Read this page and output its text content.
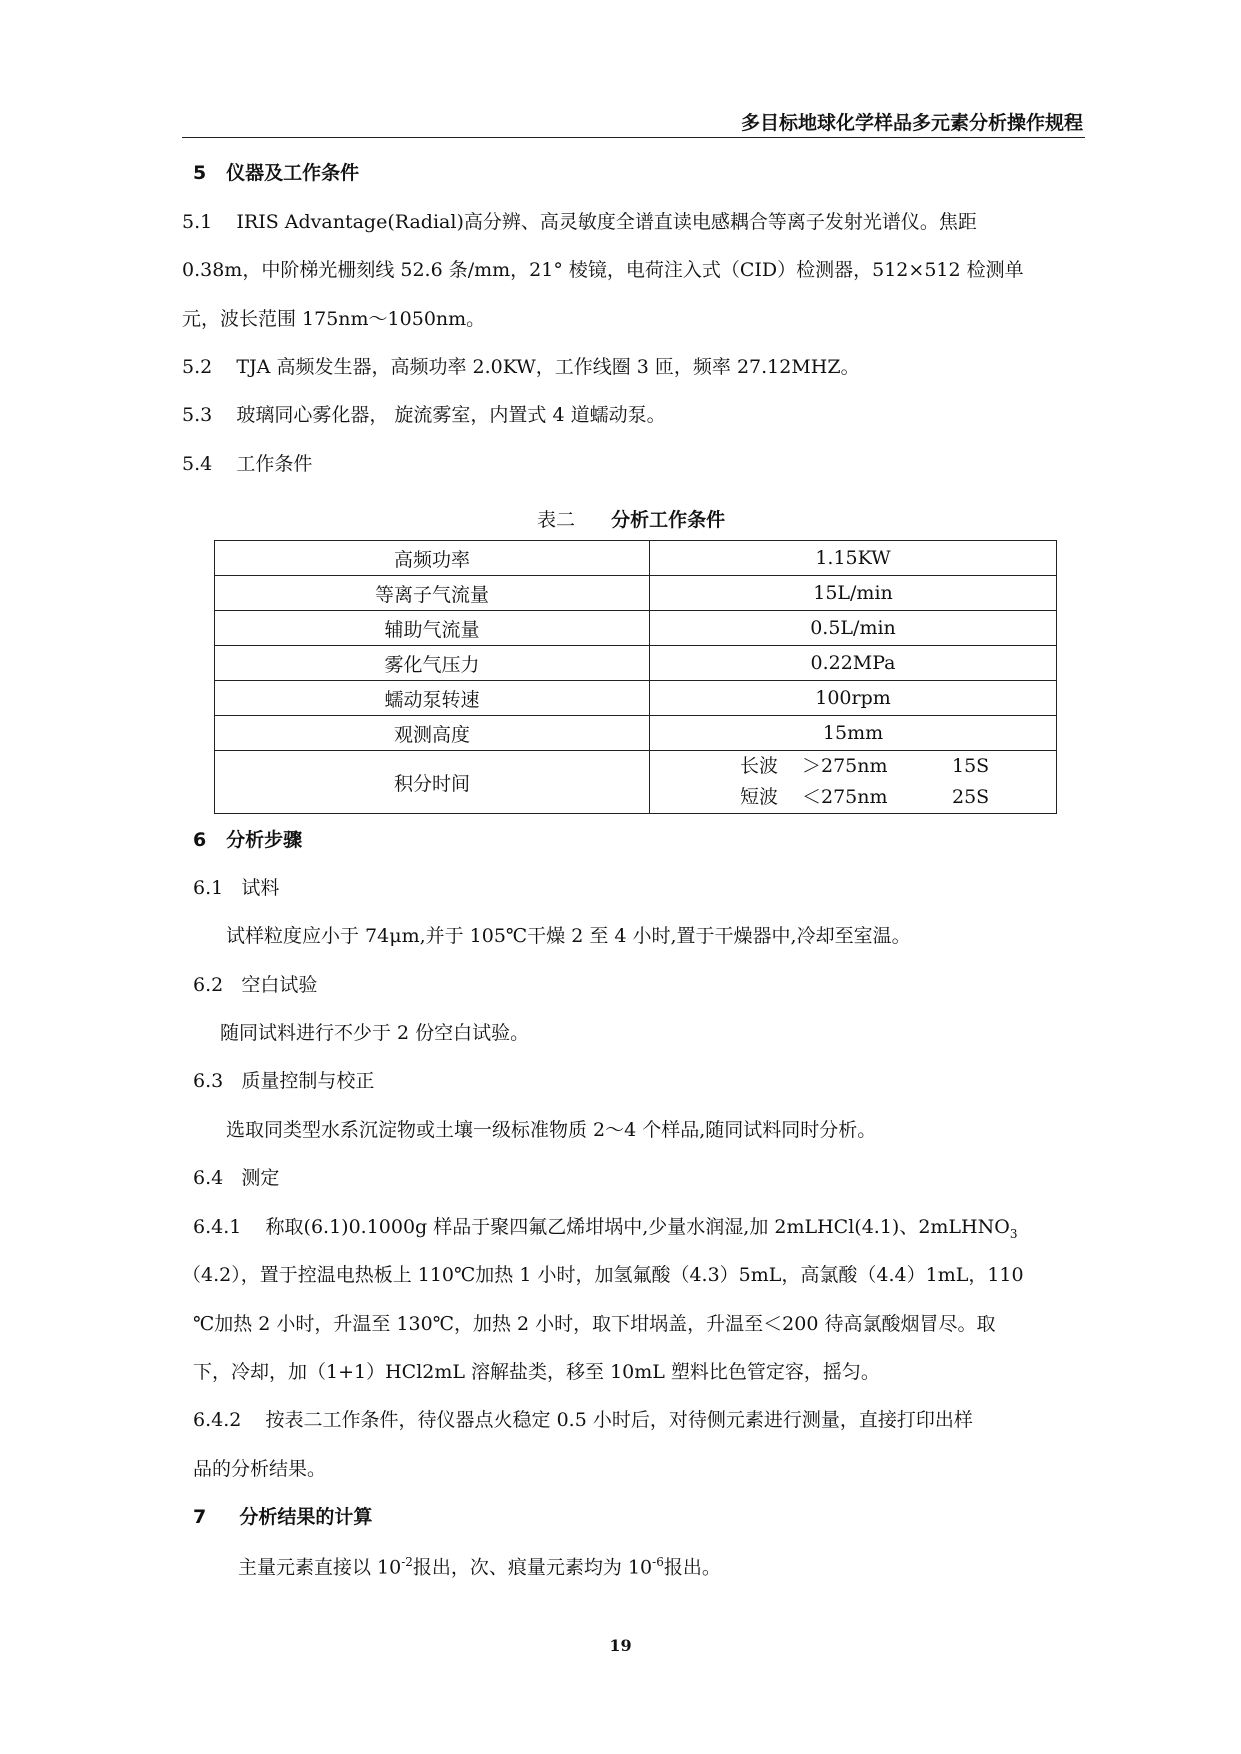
多目标地球化学样品多元素分析操作规程
5 仪器及工作条件
5.1 IRIS Advantage(Radial)高分辨、高灵敏度全谱直读电感耦合等离子发射光谱仪。焦距
0.38m，中阶梯光栅刻线 52.6 条/mm，21° 棱镜，电荷注入式（CID）检测器，512×512 检测单
元，波长范围 175nm～1050nm。
5.2 TJA 高频发生器，高频功率 2.0KW，工作线圈 3 匝，频率 27.12MHZ。
5.3 玻璃同心雾化器， 旋流雾室，内置式 4 道蠕动泵。
5.4 工作条件
表二 分析工作条件
高频功率	1.15KW
等离子气流量	15L/min
辅助气流量	0.5L/min
雾化气压力	0.22MPa
蠕动泵转速	100rpm
观测高度	15mm
积分时间	长波 ＞275nm 15S
短波 ＜275nm 25S
6 分析步骤
6.1 试料
试样粒度应小于 74μm,并于 105℃干燥 2 至 4 小时,置于干燥器中,冷却至室温。
6.2 空白试验
随同试料进行不少于 2 份空白试验。
6.3 质量控制与校正
选取同类型水系沉淀物或土壤一级标准物质 2～4 个样品,随同试料同时分析。
6.4 测定
6.4.1 称取(6.1)0.1000g 样品于聚四氟乙烯坩埚中,少量水润湿,加 2mLHCl(4.1)、2mLHNO$_3$
（4.2），置于控温电热板上 110℃加热 1 小时，加氢氟酸（4.3）5mL，高氯酸（4.4）1mL，110
℃加热 2 小时，升温至 130℃，加热 2 小时，取下坩埚盖，升温至＜200 待高氯酸烟冒尽。取
下，冷却，加（1+1）HCl2mL 溶解盐类，移至 10mL 塑料比色管定容，摇匀。
6.4.2 按表二工作条件，待仪器点火稳定 0.5 小时后，对待侧元素进行测量，直接打印出样
品的分析结果。
7 分析结果的计算
主量元素直接以 $10^{-2}$报出，次、痕量元素均为 $10^{-6}$报出。
19
